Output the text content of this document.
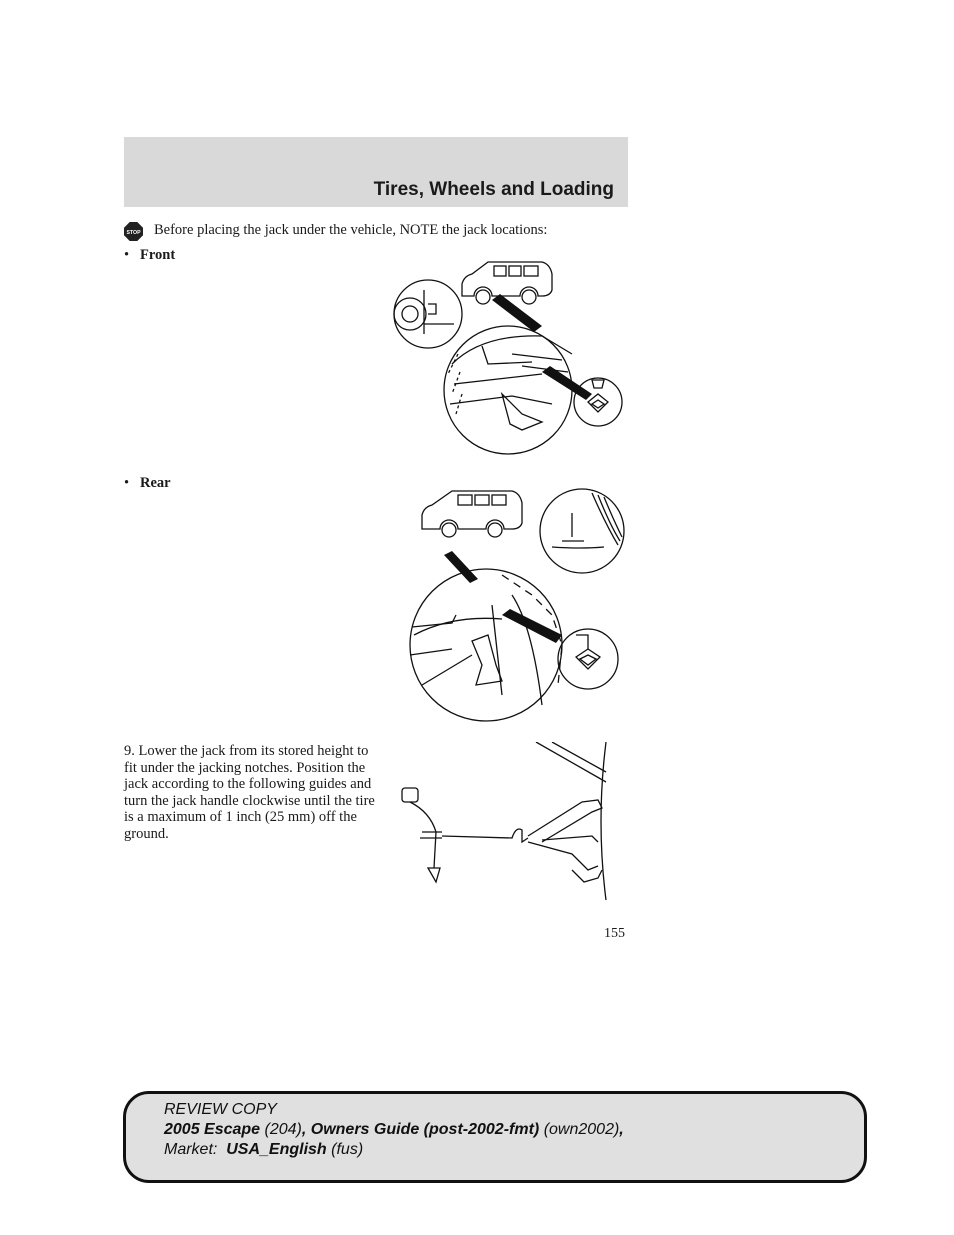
Tires, Wheels and Loading
STOP Before placing the jack under the vehicle, NOTE the jack locations:
• Front
• Rear
9. Lower the jack from its stored height to fit under the jacking notches. Position the jack according to the following guides and turn the jack handle clockwise until the tire is a maximum of 1 inch (25 mm) off the ground.
155
REVIEW COPY
2005 Escape (204), Owners Guide (post-2002-fmt) (own2002),
Market:  USA_English (fus)
